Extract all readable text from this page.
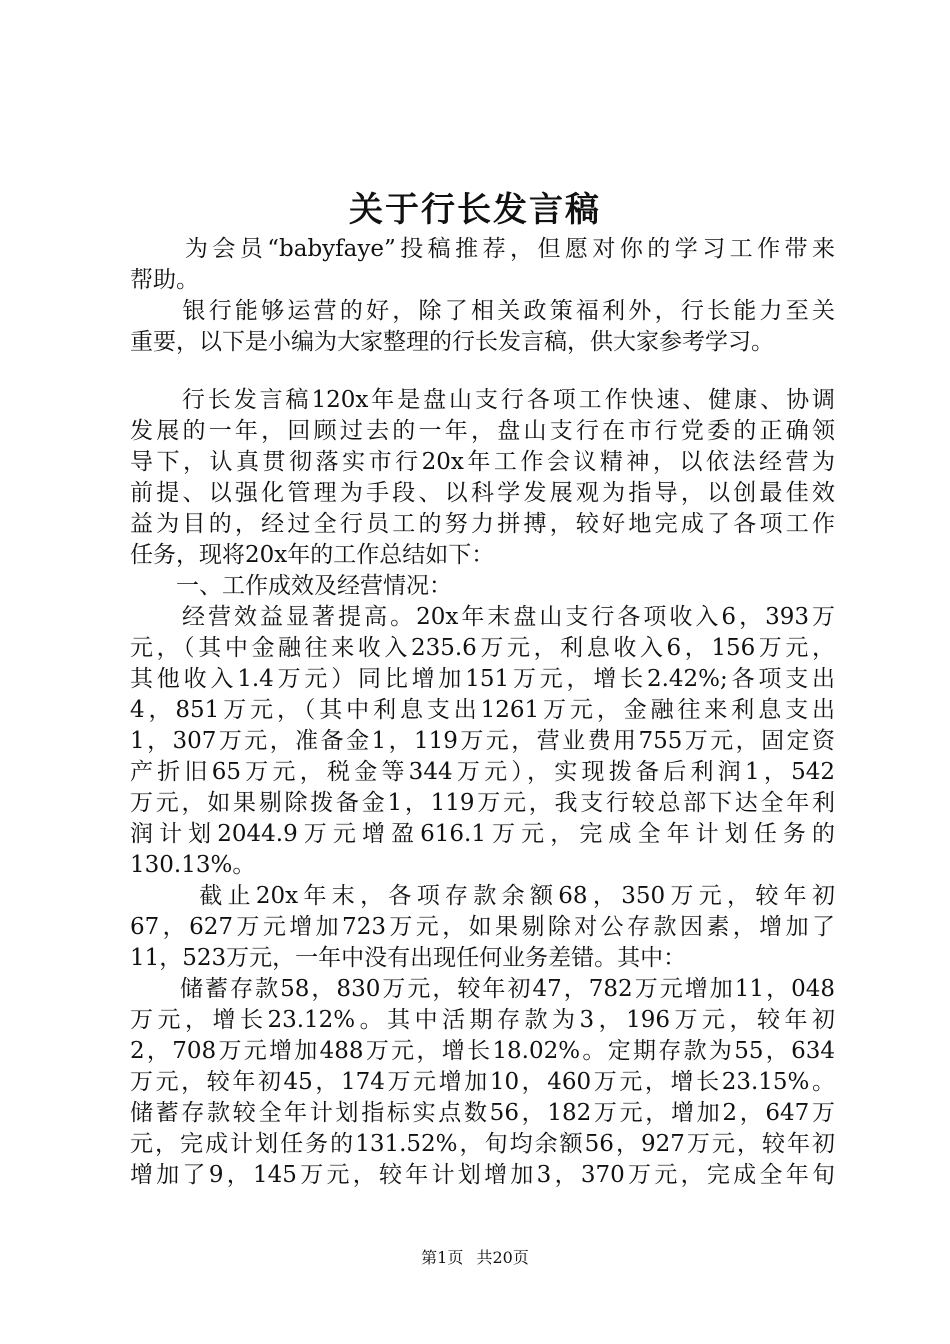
关于行长发言稿
　　为会员“babyfaye”投稿推荐，但愿对你的学习工作带来
帮助。
　　银行能够运营的好，除了相关政策福利外，行长能力至关
重要，以下是小编为大家整理的行长发言稿，供大家参考学习。
　　行长发言稿120x年是盘山支行各项工作快速、健康、协调
发展的一年，回顾过去的一年，盘山支行在市行党委的正确领
导下，认真贯彻落实市行20x年工作会议精神，以依法经营为
前提、以强化管理为手段、以科学发展观为指导，以创最佳效
益为目的，经过全行员工的努力拼搏，较好地完成了各项工作
任务，现将20x年的工作总结如下：
　　一、工作成效及经营情况：
　　经营效益显著提高。20x年末盘山支行各项收入6，393万
元，（其中金融往来收入235.6万元，利息收入6，156万元，
其他收入1.4万元）同比增加151万元，增长2.42%;各项支出
4，851万元，（其中利息支出1261万元，金融往来利息支出
1，307万元，准备金1，119万元，营业费用755万元，固定资
产折旧65万元，税金等344万元），实现拨备后利润1，542
万元，如果剔除拨备金1，119万元，我支行较总部下达全年利
润计划2044.9万元增盈616.1万元，完成全年计划任务的
130.13%。
　　 截止20x年末，各项存款余额68，350万元，较年初
67，627万元增加723万元，如果剔除对公存款因素，增加了
11，523万元，一年中没有出现任何业务差错。其中：
　　储蓄存款58，830万元，较年初47，782万元增加11，048
万元，增长23.12%。其中活期存款为3，196万元，较年初
2，708万元增加488万元，增长18.02%。定期存款为55，634
万元，较年初45，174万元增加10，460万元，增长23.15%。
储蓄存款较全年计划指标实点数56，182万元，增加2，647万
元，完成计划任务的131.52%，旬均余额56，927万元，较年初
增加了9，145万元，较年计划增加3，370万元，完成全年旬
第1页 共20页
